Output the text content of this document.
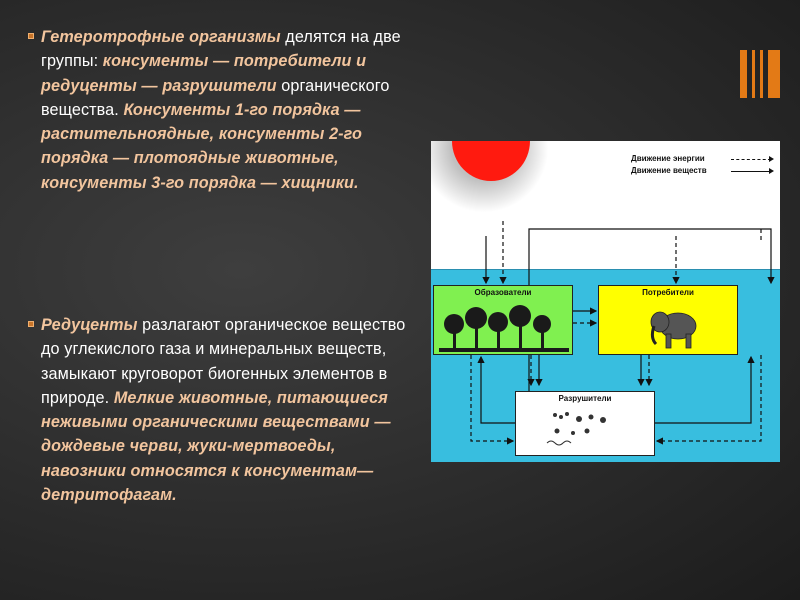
Гетеротрофные организмы делятся на две группы: консументы — потребители и редуценты — разрушители органического вещества. Консументы 1-го порядка — растительноядные, консументы 2-го порядка — плотоядные животные, консументы 3-го порядка — хищники.
Редуценты разлагают органическое вещество до углекислого газа и минеральных веществ, замыкают круговорот биогенных элементов в природе. Мелкие животные, питающиеся неживыми органическими веществами — дождевые черви, жуки-мертвоеды, навозники относятся к консументам—детритофагам.
Движение энергии
Движение веществ
Образователи	Потребители
Разрушители
